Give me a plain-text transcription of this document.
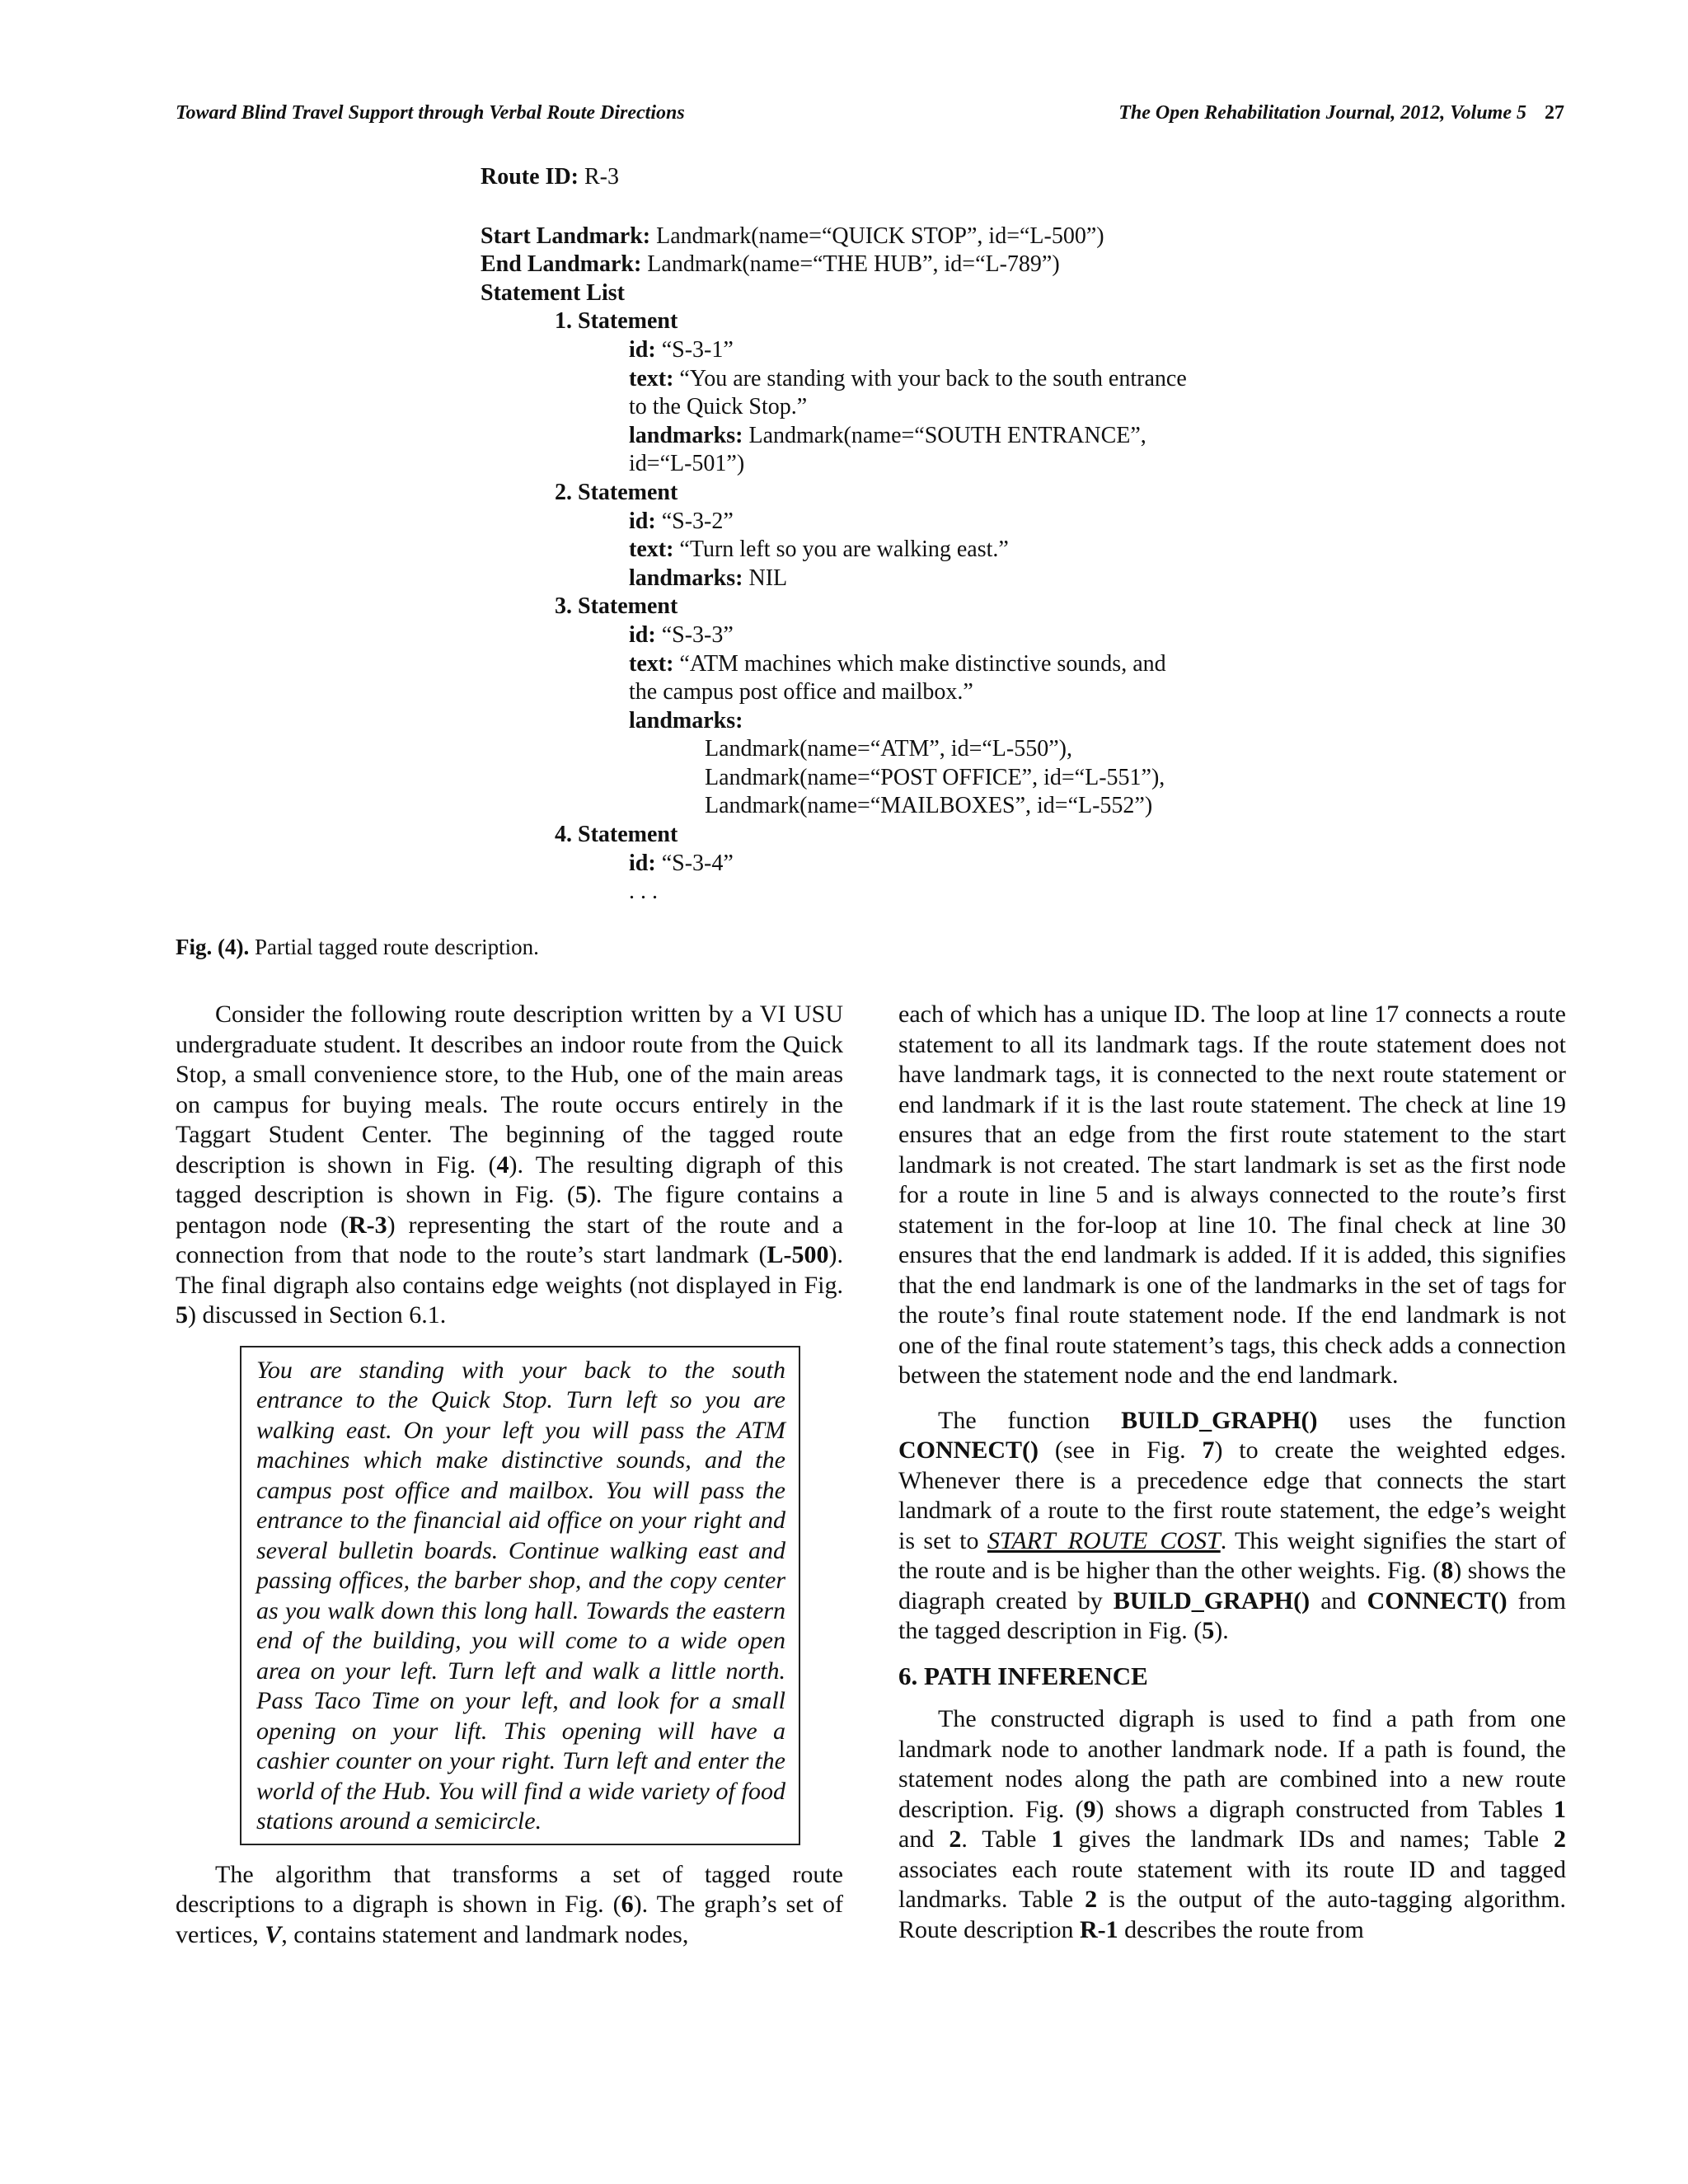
Toward Blind Travel Support through Verbal Route Directions	The Open Rehabilitation Journal, 2012, Volume 5 27
Route ID: R-3
Start Landmark: Landmark(name=“QUICK STOP”, id=“L-500”)
End Landmark: Landmark(name=“THE HUB”, id=“L-789”)
Statement List
1. Statement
id: “S-3-1”
text: “You are standing with your back to the south entrance
to the Quick Stop.”
landmarks: Landmark(name=“SOUTH ENTRANCE”,
id=“L-501”)
2. Statement
id: “S-3-2”
text: “Turn left so you are walking east.”
landmarks: NIL
3. Statement
id: “S-3-3”
text: “ATM machines which make distinctive sounds, and
the campus post office and mailbox.”
landmarks:
Landmark(name=“ATM”, id=“L-550”),
Landmark(name=“POST OFFICE”, id=“L-551”),
Landmark(name=“MAILBOXES”, id=“L-552”)
4. Statement
id: “S-3-4”
. . .
Fig. (4). Partial tagged route description.

Consider the following route description written by a VI USU undergraduate student. It describes an indoor route from the Quick Stop, a small convenience store, to the Hub, one of the main areas on campus for buying meals. The route occurs entirely in the Taggart Student Center. The beginning of the tagged route description is shown in Fig. (4). The resulting digraph of this tagged description is shown in Fig. (5). The figure contains a pentagon node (R-3) representing the start of the route and a connection from that node to the route’s start landmark (L-500). The final digraph also contains edge weights (not displayed in Fig. 5) discussed in Section 6.1.

You are standing with your back to the south entrance to the Quick Stop. Turn left so you are walking east. On your left you will pass the ATM machines which make distinctive sounds, and the campus post office and mailbox. You will pass the entrance to the financial aid office on your right and several bulletin boards. Continue walking east and passing offices, the barber shop, and the copy center as you walk down this long hall. Towards the eastern end of the building, you will come to a wide open area on your left. Turn left and walk a little north. Pass Taco Time on your left, and look for a small opening on your lift. This opening will have a cashier counter on your right. Turn left and enter the world of the Hub. You will find a wide variety of food stations around a semicircle.

The algorithm that transforms a set of tagged route descriptions to a digraph is shown in Fig. (6). The graph’s set of vertices, V, contains statement and landmark nodes,

each of which has a unique ID. The loop at line 17 connects a route statement to all its landmark tags. If the route statement does not have landmark tags, it is connected to the next route statement or end landmark if it is the last route statement. The check at line 19 ensures that an edge from the first route statement to the start landmark is not created. The start landmark is set as the first node for a route in line 5 and is always connected to the route’s first statement in the for-loop at line 10. The final check at line 30 ensures that the end landmark is added. If it is added, this signifies that the end landmark is one of the landmarks in the set of tags for the route’s final route statement node. If the end landmark is not one of the final route statement’s tags, this check adds a connection between the statement node and the end landmark.

The function BUILD_GRAPH() uses the function CONNECT() (see in Fig. 7) to create the weighted edges. Whenever there is a precedence edge that connects the start landmark of a route to the first route statement, the edge’s weight is set to START_ROUTE_COST. This weight signifies the start of the route and is be higher than the other weights. Fig. (8) shows the diagraph created by BUILD_GRAPH() and CONNECT() from the tagged description in Fig. (5).

6. PATH INFERENCE

The constructed digraph is used to find a path from one landmark node to another landmark node. If a path is found, the statement nodes along the path are combined into a new route description. Fig. (9) shows a digraph constructed from Tables 1 and 2. Table 1 gives the landmark IDs and names; Table 2 associates each route statement with its route ID and tagged landmarks. Table 2 is the output of the auto-tagging algorithm. Route description R-1 describes the route from
